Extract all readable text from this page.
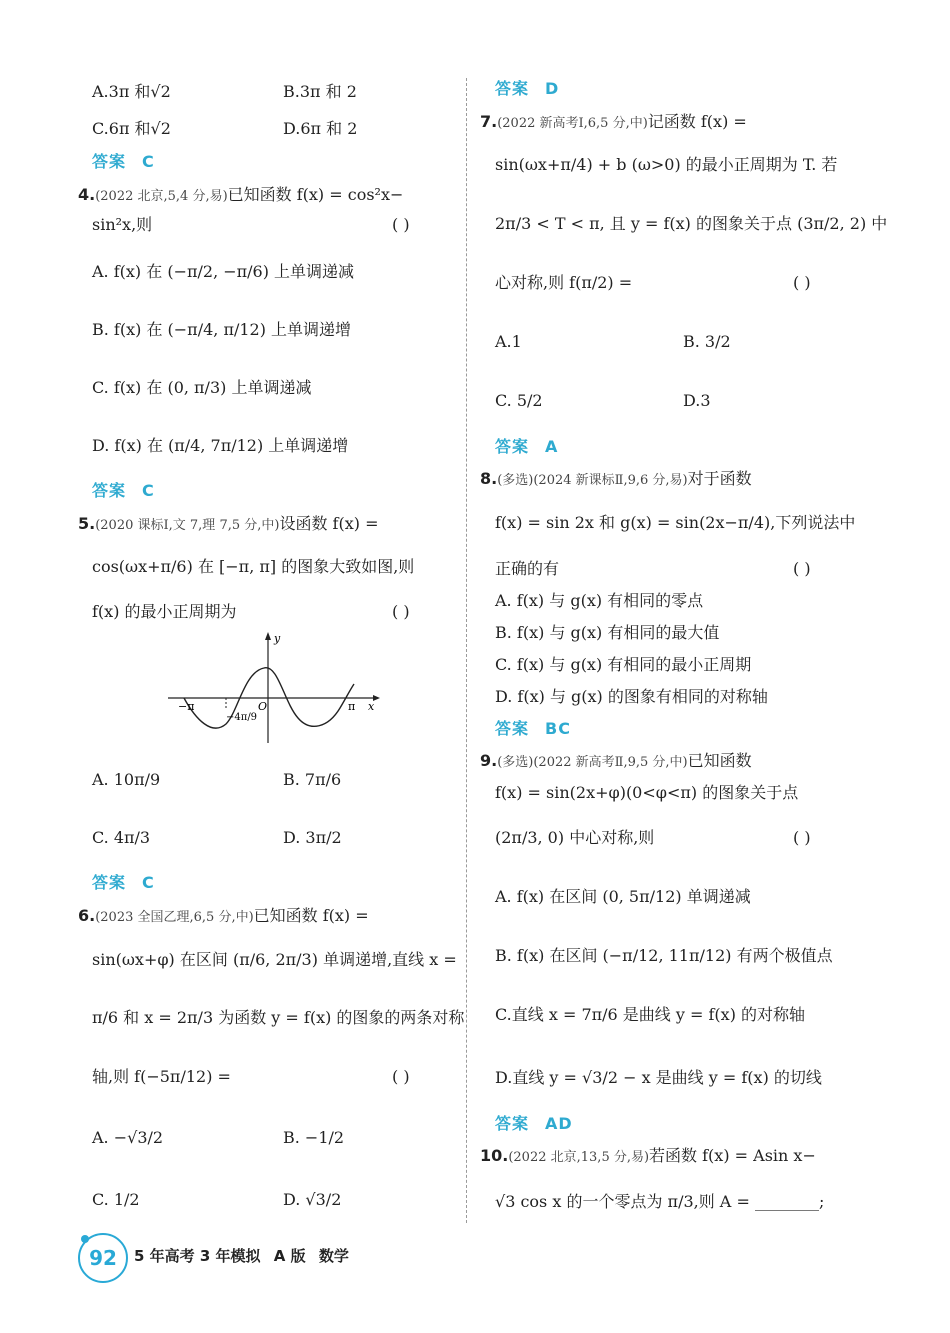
A.3π 和√2	B.3π 和 2
C.6π 和√2	D.6π 和 2
答案 C
4.(2022 北京,5,4 分,易)已知函数 f(x) = cos²x−
sin²x,则	( )
A. f(x) 在 (−π/2, −π/6) 上单调递减
B. f(x) 在 (−π/4, π/12) 上单调递增
C. f(x) 在 (0, π/3) 上单调递减
D. f(x) 在 (π/4, 7π/12) 上单调递增
答案 C
5.(2020 课标Ⅰ,文 7,理 7,5 分,中)设函数 f(x) =
cos(ωx+π/6) 在 [−π, π] 的图象大致如图,则
f(x) 的最小正周期为	( )
−π	π
O
y
x
−4π/9
A. 10π/9	B. 7π/6
C. 4π/3	D. 3π/2
答案 C
6.(2023 全国乙理,6,5 分,中)已知函数 f(x) =
sin(ωx+φ) 在区间 (π/6, 2π/3) 单调递增,直线 x =
π/6 和 x = 2π/3 为函数 y = f(x) 的图象的两条对称
轴,则 f(−5π/12) =	( )
A. −√3/2	B. −1/2
C. 1/2	D. √3/2
答案 D
7.(2022 新高考Ⅰ,6,5 分,中)记函数 f(x) =
sin(ωx+π/4) + b (ω>0) 的最小正周期为 T. 若
2π/3 < T < π, 且 y = f(x) 的图象关于点 (3π/2, 2) 中
心对称,则 f(π/2) =	( )
A.1	B. 3/2
C. 5/2	D.3
答案 A
8.(多选)(2024 新课标Ⅱ,9,6 分,易)对于函数
f(x) = sin 2x 和 g(x) = sin(2x−π/4),下列说法中
正确的有	( )
A. f(x) 与 g(x) 有相同的零点
B. f(x) 与 g(x) 有相同的最大值
C. f(x) 与 g(x) 有相同的最小正周期
D. f(x) 与 g(x) 的图象有相同的对称轴
答案 BC
9.(多选)(2022 新高考Ⅱ,9,5 分,中)已知函数
f(x) = sin(2x+φ)(0<φ<π) 的图象关于点
(2π/3, 0) 中心对称,则	( )
A. f(x) 在区间 (0, 5π/12) 单调递减
B. f(x) 在区间 (−π/12, 11π/12) 有两个极值点
C.直线 x = 7π/6 是曲线 y = f(x) 的对称轴
D.直线 y = √3/2 − x 是曲线 y = f(x) 的切线
答案 AD
10.(2022 北京,13,5 分,易)若函数 f(x) = Asin x−
√3 cos x 的一个零点为 π/3,则 A = ________;
92	5 年高考 3 年模拟 A 版 数学
